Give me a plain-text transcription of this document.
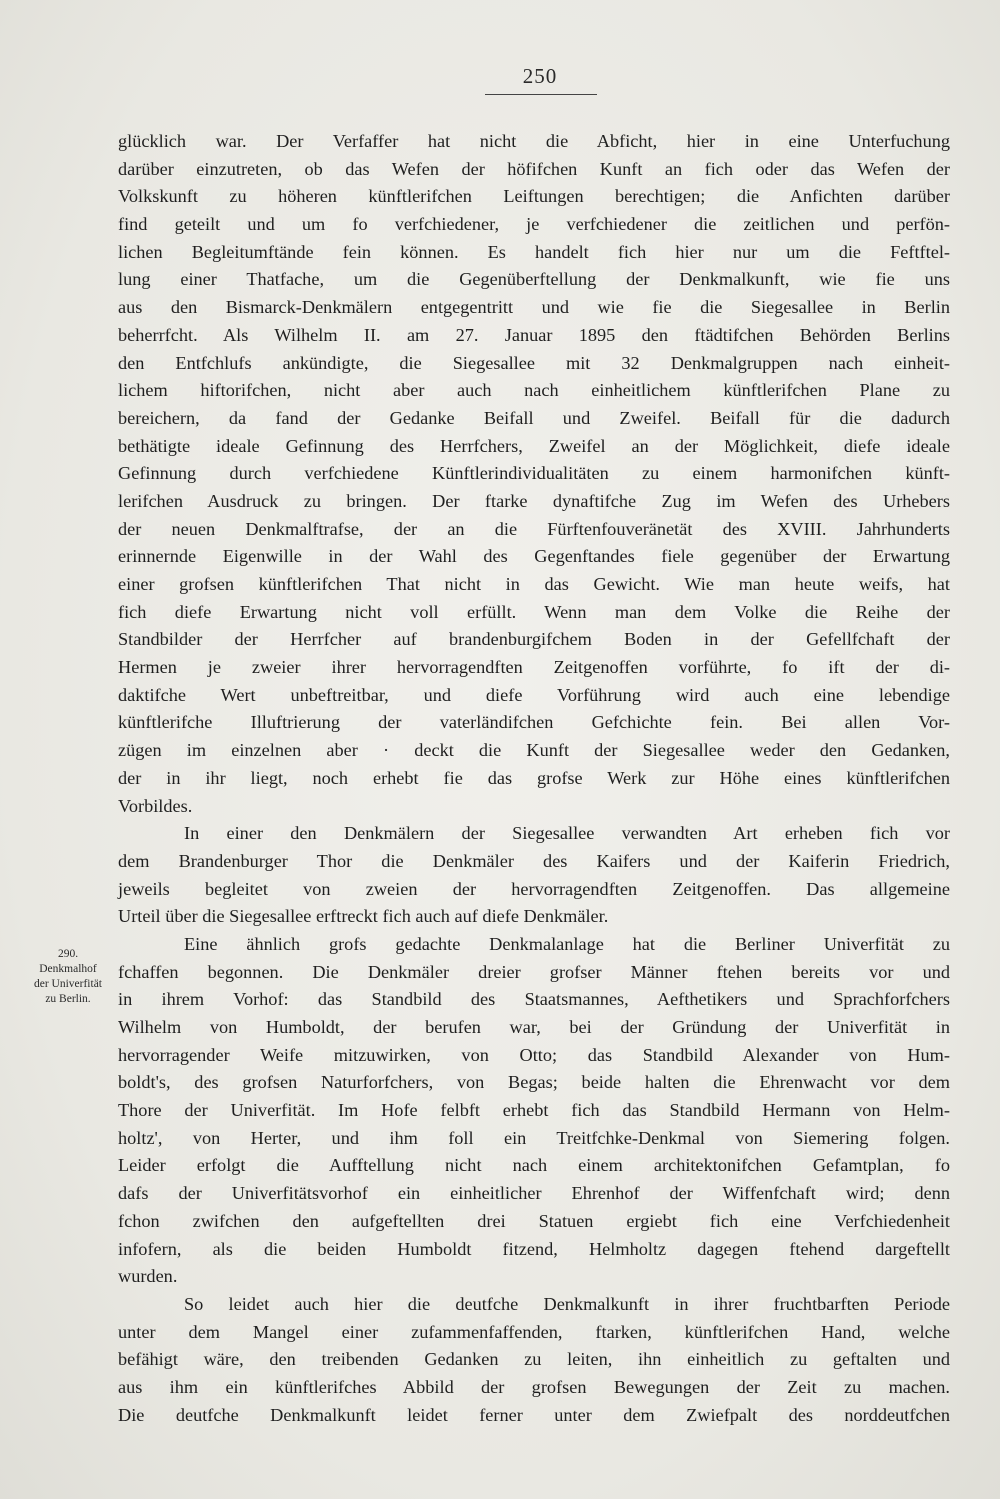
250
290.
Denkmalhof
der Univerfität
zu Berlin.
glücklich war. Der Verfaffer hat nicht die Abficht, hier in eine Unterfuchung
darüber einzutreten, ob das Wefen der höfifchen Kunft an fich oder das Wefen der
Volkskunft zu höheren künftlerifchen Leiftungen berechtigen; die Anfichten darüber
find geteilt und um fo verfchiedener, je verfchiedener die zeitlichen und perfön-
lichen Begleitumftände fein können. Es handelt fich hier nur um die Feftftel-
lung einer Thatfache, um die Gegenüberftellung der Denkmalkunft, wie fie uns
aus den Bismarck-Denkmälern entgegentritt und wie fie die Siegesallee in Berlin
beherrfcht. Als Wilhelm II. am 27. Januar 1895 den ftädtifchen Behörden Berlins
den Entfchlufs ankündigte, die Siegesallee mit 32 Denkmalgruppen nach einheit-
lichem hiftorifchen, nicht aber auch nach einheitlichem künftlerifchen Plane zu
bereichern, da fand der Gedanke Beifall und Zweifel. Beifall für die dadurch
bethätigte ideale Gefinnung des Herrfchers, Zweifel an der Möglichkeit, diefe ideale
Gefinnung durch verfchiedene Künftlerindividualitäten zu einem harmonifchen künft-
lerifchen Ausdruck zu bringen. Der ftarke dynaftifche Zug im Wefen des Urhebers
der neuen Denkmalftrafse, der an die Fürftenfouveränetät des XVIII. Jahrhunderts
erinnernde Eigenwille in der Wahl des Gegenftandes fiele gegenüber der Erwartung
einer grofsen künftlerifchen That nicht in das Gewicht. Wie man heute weifs, hat
fich diefe Erwartung nicht voll erfüllt. Wenn man dem Volke die Reihe der
Standbilder der Herrfcher auf brandenburgifchem Boden in der Gefellfchaft der
Hermen je zweier ihrer hervorragendften Zeitgenoffen vorführte, fo ift der di-
daktifche Wert unbeftreitbar, und diefe Vorführung wird auch eine lebendige
künftlerifche Illuftrierung der vaterländifchen Gefchichte fein. Bei allen Vor-
zügen im einzelnen aber · deckt die Kunft der Siegesallee weder den Gedanken,
der in ihr liegt, noch erhebt fie das grofse Werk zur Höhe eines künftlerifchen
Vorbildes.
In einer den Denkmälern der Siegesallee verwandten Art erheben fich vor
dem Brandenburger Thor die Denkmäler des Kaifers und der Kaiferin Friedrich,
jeweils begleitet von zweien der hervorragendften Zeitgenoffen. Das allgemeine
Urteil über die Siegesallee erftreckt fich auch auf diefe Denkmäler.
Eine ähnlich grofs gedachte Denkmalanlage hat die Berliner Univerfität zu
fchaffen begonnen. Die Denkmäler dreier grofser Männer ftehen bereits vor und
in ihrem Vorhof: das Standbild des Staatsmannes, Aefthetikers und Sprachforfchers
Wilhelm von Humboldt, der berufen war, bei der Gründung der Univerfität in
hervorragender Weife mitzuwirken, von Otto; das Standbild Alexander von Hum-
boldt's, des grofsen Naturforfchers, von Begas; beide halten die Ehrenwacht vor dem
Thore der Univerfität. Im Hofe felbft erhebt fich das Standbild Hermann von Helm-
holtz', von Herter, und ihm foll ein Treitfchke-Denkmal von Siemering folgen.
Leider erfolgt die Aufftellung nicht nach einem architektonifchen Gefamtplan, fo
dafs der Univerfitätsvorhof ein einheitlicher Ehrenhof der Wiffenfchaft wird; denn
fchon zwifchen den aufgeftellten drei Statuen ergiebt fich eine Verfchiedenheit
infofern, als die beiden Humboldt fitzend, Helmholtz dagegen ftehend dargeftellt
wurden.
So leidet auch hier die deutfche Denkmalkunft in ihrer fruchtbarften Periode
unter dem Mangel einer zufammenfaffenden, ftarken, künftlerifchen Hand, welche
befähigt wäre, den treibenden Gedanken zu leiten, ihn einheitlich zu geftalten und
aus ihm ein künftlerifches Abbild der grofsen Bewegungen der Zeit zu machen.
Die deutfche Denkmalkunft leidet ferner unter dem Zwiefpalt des norddeutfchen
